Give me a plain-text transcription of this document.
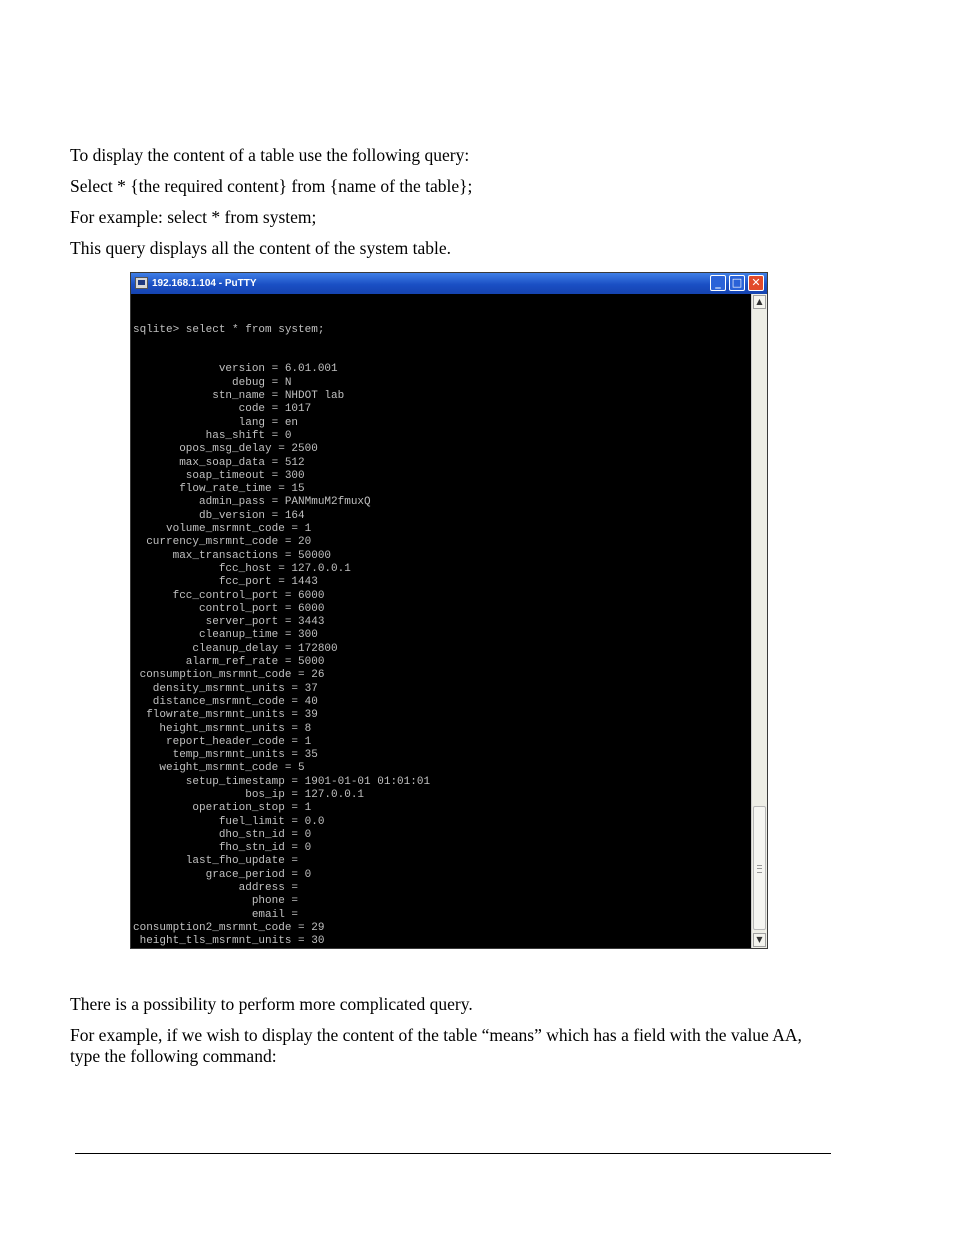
To display the content of a table use the following query:

Select * {the required content} from {name of the table};

For example: select * from system;

This query displays all the content of the system table.

192.168.1.104 - PuTTY	_	□ ✕

sqlite> select * from system;

version = 6.01.001
debug = N
stn_name = NHDOT lab
code = 1017
lang = en
has_shift = 0
opos_msg_delay = 2500
max_soap_data = 512
soap_timeout = 300
flow_rate_time = 15
admin_pass = PANMmuM2fmuxQ
db_version = 164
volume_msrmnt_code = 1
currency_msrmnt_code = 20
max_transactions = 50000
fcc_host = 127.0.0.1
fcc_port = 1443
fcc_control_port = 6000
control_port = 6000
server_port = 3443
cleanup_time = 300
cleanup_delay = 172800
alarm_ref_rate = 5000
consumption_msrmnt_code = 26
density_msrmnt_units = 37
distance_msrmnt_code = 40
flowrate_msrmnt_units = 39
height_msrmnt_units = 8
report_header_code = 1
temp_msrmnt_units = 35
weight_msrmnt_code = 5
setup_timestamp = 1901-01-01 01:01:01
bos_ip = 127.0.0.1
operation_stop = 1
fuel_limit = 0.0
dho_stn_id = 0
fho_stn_id = 0
last_fho_update =
grace_period = 0
address =
phone =
email =
consumption2_msrmnt_code = 29
height_tls_msrmnt_units = 30

▲
▼

There is a possibility to perform more complicated query.

For example, if we wish to display the content of the table “means” which has a field with the value AA, type the following command:
